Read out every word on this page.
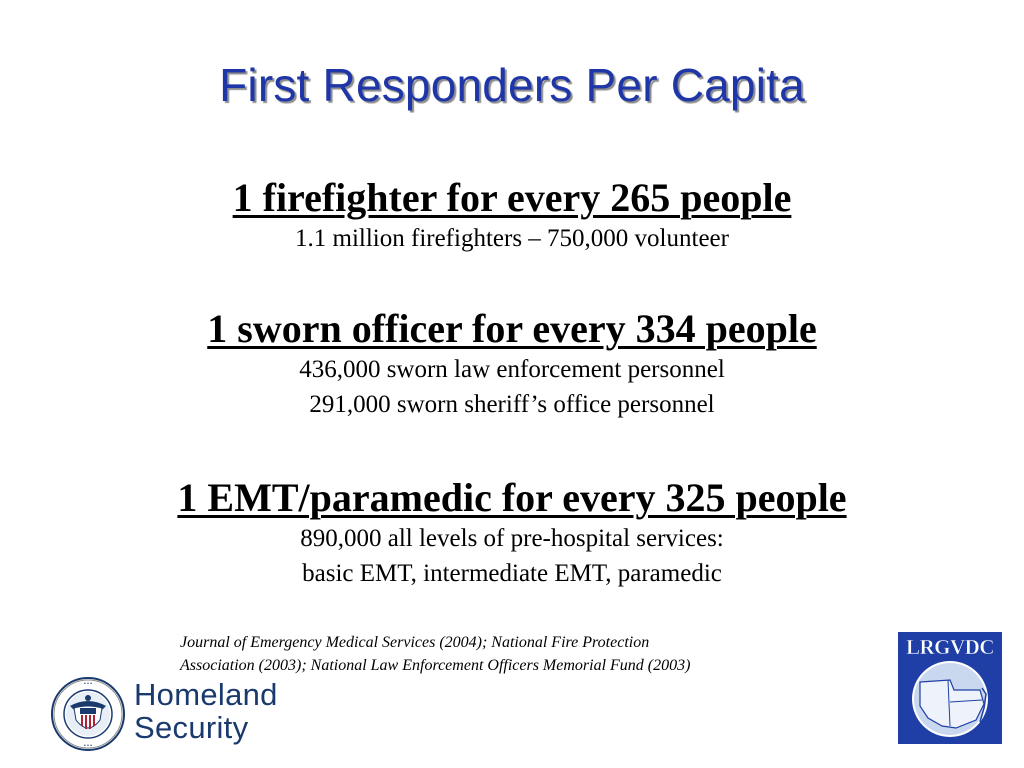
First Responders Per Capita
1 firefighter for every 265 people
1.1 million firefighters – 750,000 volunteer
1 sworn officer for every 334 people
436,000 sworn law enforcement personnel
291,000 sworn sheriff’s office personnel
1 EMT/paramedic for every 325 people
890,000 all levels of pre-hospital services:
basic EMT, intermediate EMT, paramedic
Journal of Emergency Medical Services (2004); National Fire Protection
Association (2003); National Law Enforcement Officers Memorial Fund (2003)
• • •
• • •
Homeland
Security
LRGVDC
